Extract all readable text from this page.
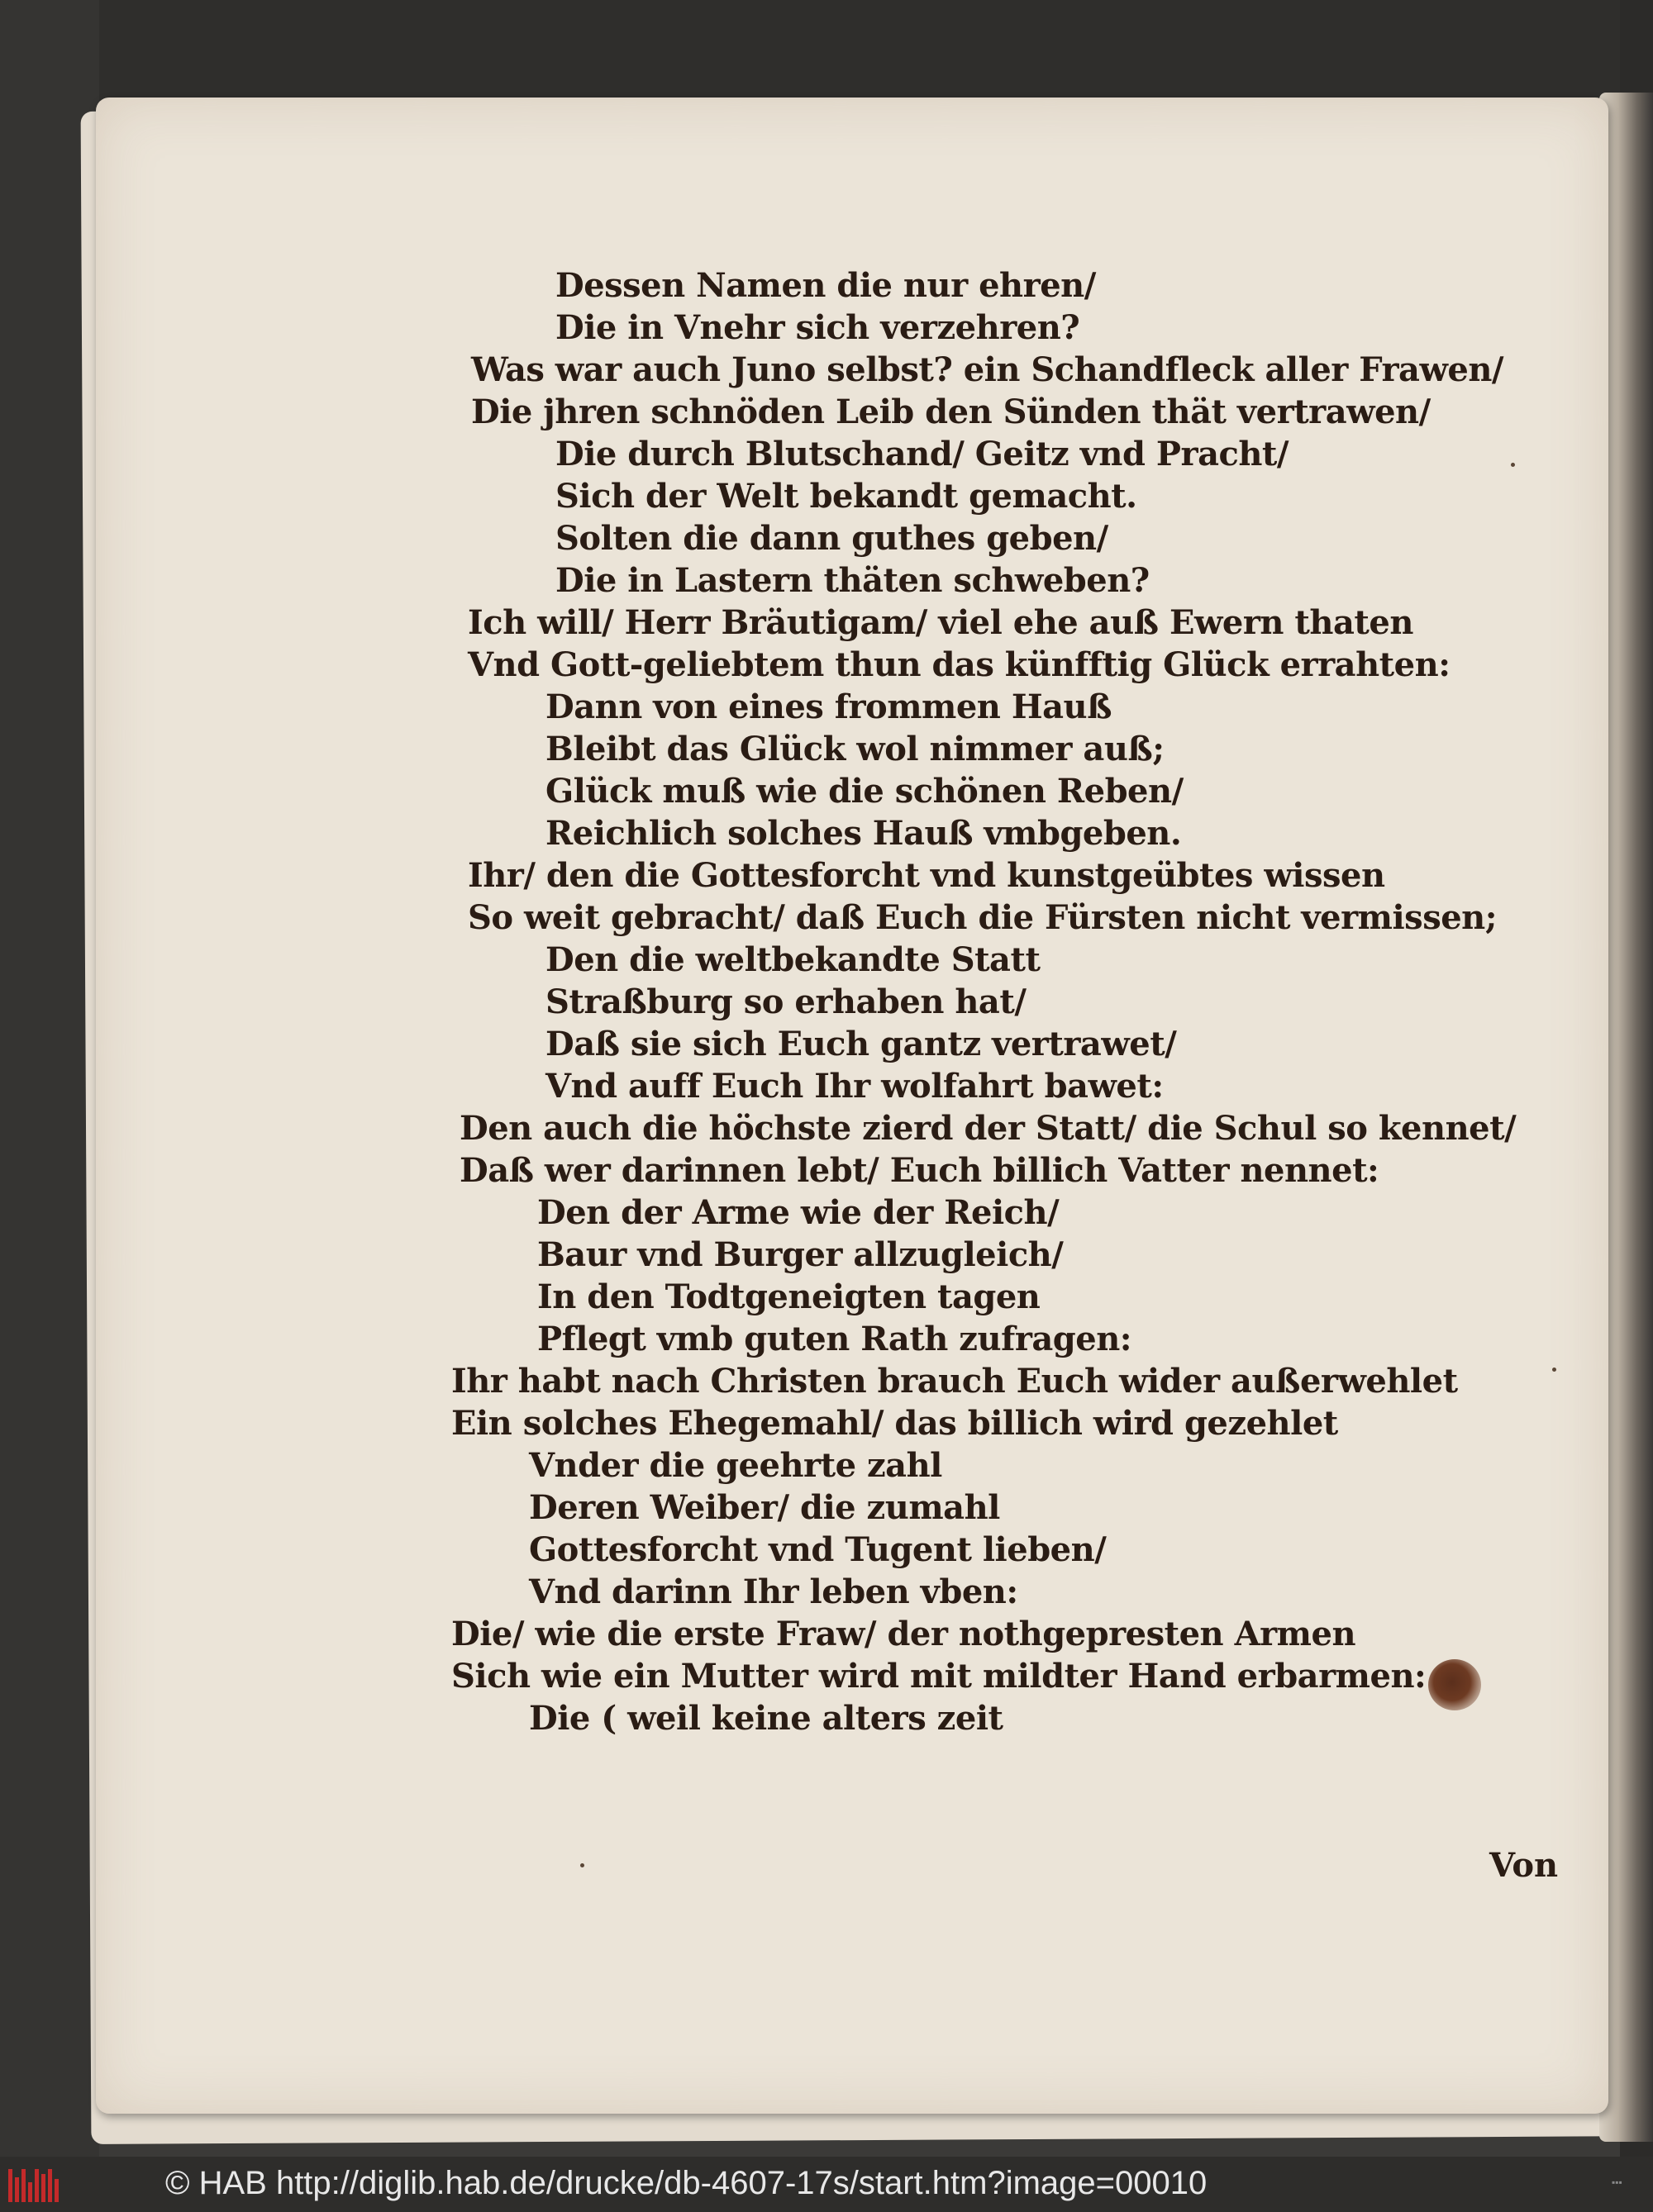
Dessen Namen die nur ehren/
Die in Vnehr sich verzehren?
Was war auch Juno selbst? ein Schandfleck aller Frawen/
Die jhren schnöden Leib den Sünden thät vertrawen/
Die durch Blutschand/ Geitz vnd Pracht/
Sich der Welt bekandt gemacht.
Solten die dann guthes geben/
Die in Lastern thäten schweben?
Ich will/ Herr Bräutigam/ viel ehe auß Ewern thaten
Vnd Gott-geliebtem thun das künfftig Glück errahten:
Dann von eines frommen Hauß
Bleibt das Glück wol nimmer auß;
Glück muß wie die schönen Reben/
Reichlich solches Hauß vmbgeben.
Ihr/ den die Gottesforcht vnd kunstgeübtes wissen
So weit gebracht/ daß Euch die Fürsten nicht vermissen;
Den die weltbekandte Statt
Straßburg so erhaben hat/
Daß sie sich Euch gantz vertrawet/
Vnd auff Euch Ihr wolfahrt bawet:
Den auch die höchste zierd der Statt/ die Schul so kennet/
Daß wer darinnen lebt/ Euch billich Vatter nennet:
Den der Arme wie der Reich/
Baur vnd Burger allzugleich/
In den Todtgeneigten tagen
Pflegt vmb guten Rath zufragen:
Ihr habt nach Christen brauch Euch wider außerwehlet
Ein solches Ehegemahl/ das billich wird gezehlet
Vnder die geehrte zahl
Deren Weiber/ die zumahl
Gottesforcht vnd Tugent lieben/
Vnd darinn Ihr leben vben:
Die/ wie die erste Fraw/ der nothgepresten Armen
Sich wie ein Mutter wird mit mildter Hand erbarmen:
Die ( weil keine alters zeit
Von
© HAB http://diglib.hab.de/drucke/db-4607-17s/start.htm?image=00010	▪▪▪
